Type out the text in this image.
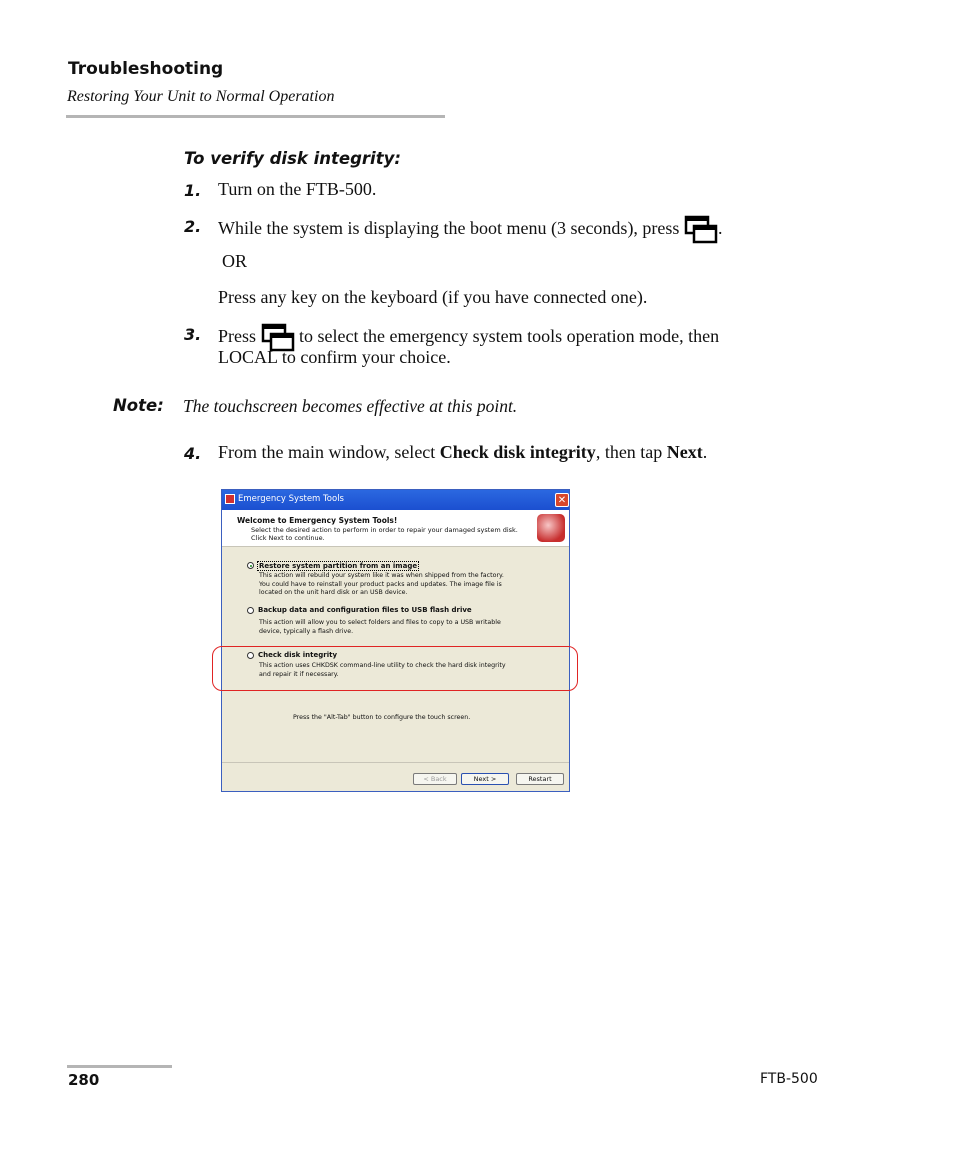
Troubleshooting
Restoring Your Unit to Normal Operation
To verify disk integrity:
1. Turn on the FTB-500.
2. While the system is displaying the boot menu (3 seconds), press .
OR
Press any key on the keyboard (if you have connected one).
3. Press to select the emergency system tools operation mode, then
LOCAL to confirm your choice.
Note: The touchscreen becomes effective at this point.
4. From the main window, select Check disk integrity, then tap Next.
Emergency System Tools	✕
Welcome to Emergency System Tools!
Select the desired action to perform in order to repair your damaged system disk.
Click Next to continue.
Restore system partition from an image
This action will rebuild your system like it was when shipped from the factory.
You could have to reinstall your product packs and updates. The image file is
located on the unit hard disk or an USB device.
Backup data and configuration files to USB flash drive
This action will allow you to select folders and files to copy to a USB writable
device, typically a flash drive.
Check disk integrity
This action uses CHKDSK command-line utility to check the hard disk integrity
and repair it if necessary.
Press the "Alt-Tab" button to configure the touch screen.
< Back	Next >	Restart
280	FTB-500
